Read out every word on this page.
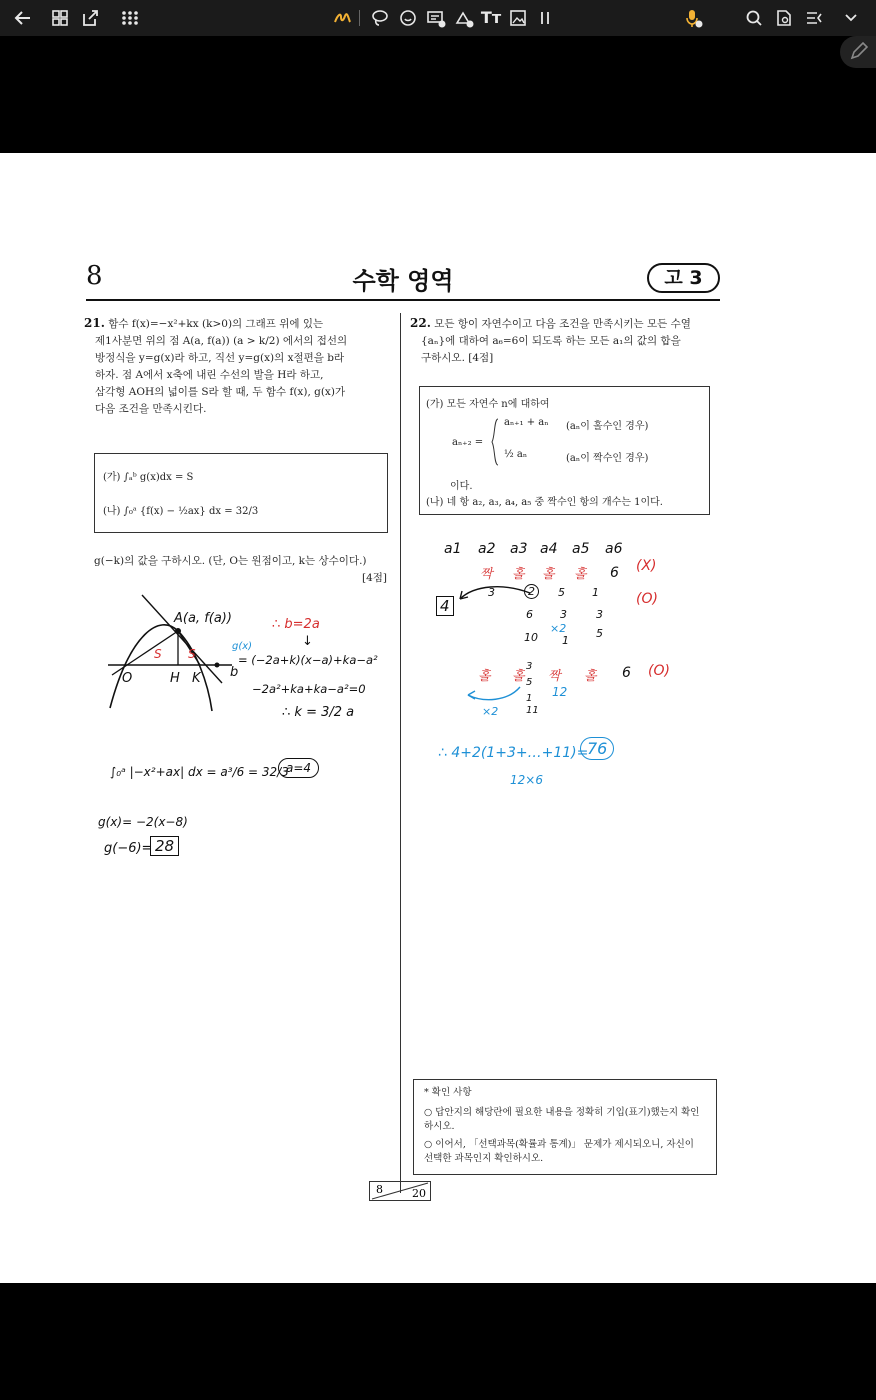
Tт
8	수학 영역	고 3
21. 함수 f(x)=−x²+kx (k>0)의 그래프 위에 있는
제1사분면 위의 점 A(a, f(a)) (a > k/2) 에서의 접선의
방정식을 y=g(x)라 하고, 직선 y=g(x)의 x절편을 b라
하자. 점 A에서 x축에 내린 수선의 발을 H라 하고,
삼각형 AOH의 넓이를 S라 할 때, 두 함수 f(x), g(x)가
다음 조건을 만족시킨다.
(가) ∫ₐᵇ g(x)dx = S
(나) ∫₀ᵃ {f(x) − ½ax} dx = 32/3
g(−k)의 값을 구하시오. (단, O는 원점이고, k는 상수이다.)
[4점]
22. 모든 항이 자연수이고 다음 조건을 만족시키는 모든 수열
{aₙ}에 대하여 a₆=6이 되도록 하는 모든 a₁의 값의 합을
구하시오. [4점]
(가) 모든 자연수 n에 대하여
aₙ₊₂ =
aₙ₊₁ + aₙ (aₙ이 홀수인 경우)
½ aₙ	(aₙ이 짝수인 경우)
이다.
(나) 네 항 a₂, a₃, a₄, a₅ 중 짝수인 항의 개수는 1이다.
* 확인 사항
○ 답안지의 해당란에 필요한 내용을 정확히 기입(표기)했는지 확인하시오.
○ 이어서, 「선택과목(확률과 통계)」 문제가 제시되오니, 자신이 선택한 과목인지 확인하시오.
8	20
A(a, f(a))
O	H K b
S S
∴ b=2a
↓
g(x)
= (−2a+k)(x−a)+ka−a²
−2a²+ka+ka−a²=0
∴ k = 3/2 a
∫₀ᵃ |−x²+ax| dx = a³/6 = 32/3
a=4
g(x)= −2(x−8)
g(−6)= 28
a1 a2 a3 a4 a5 a6
짝 홀 홀 홀 6 (X)
(O)
4
3	2	5 1
6 3	3
1
10	5
×2
홀 홀 짝 홀 6 (O)
3
5
1
11
12
×2
∴ 4+2(1+3+…+11)=
76
12×6
